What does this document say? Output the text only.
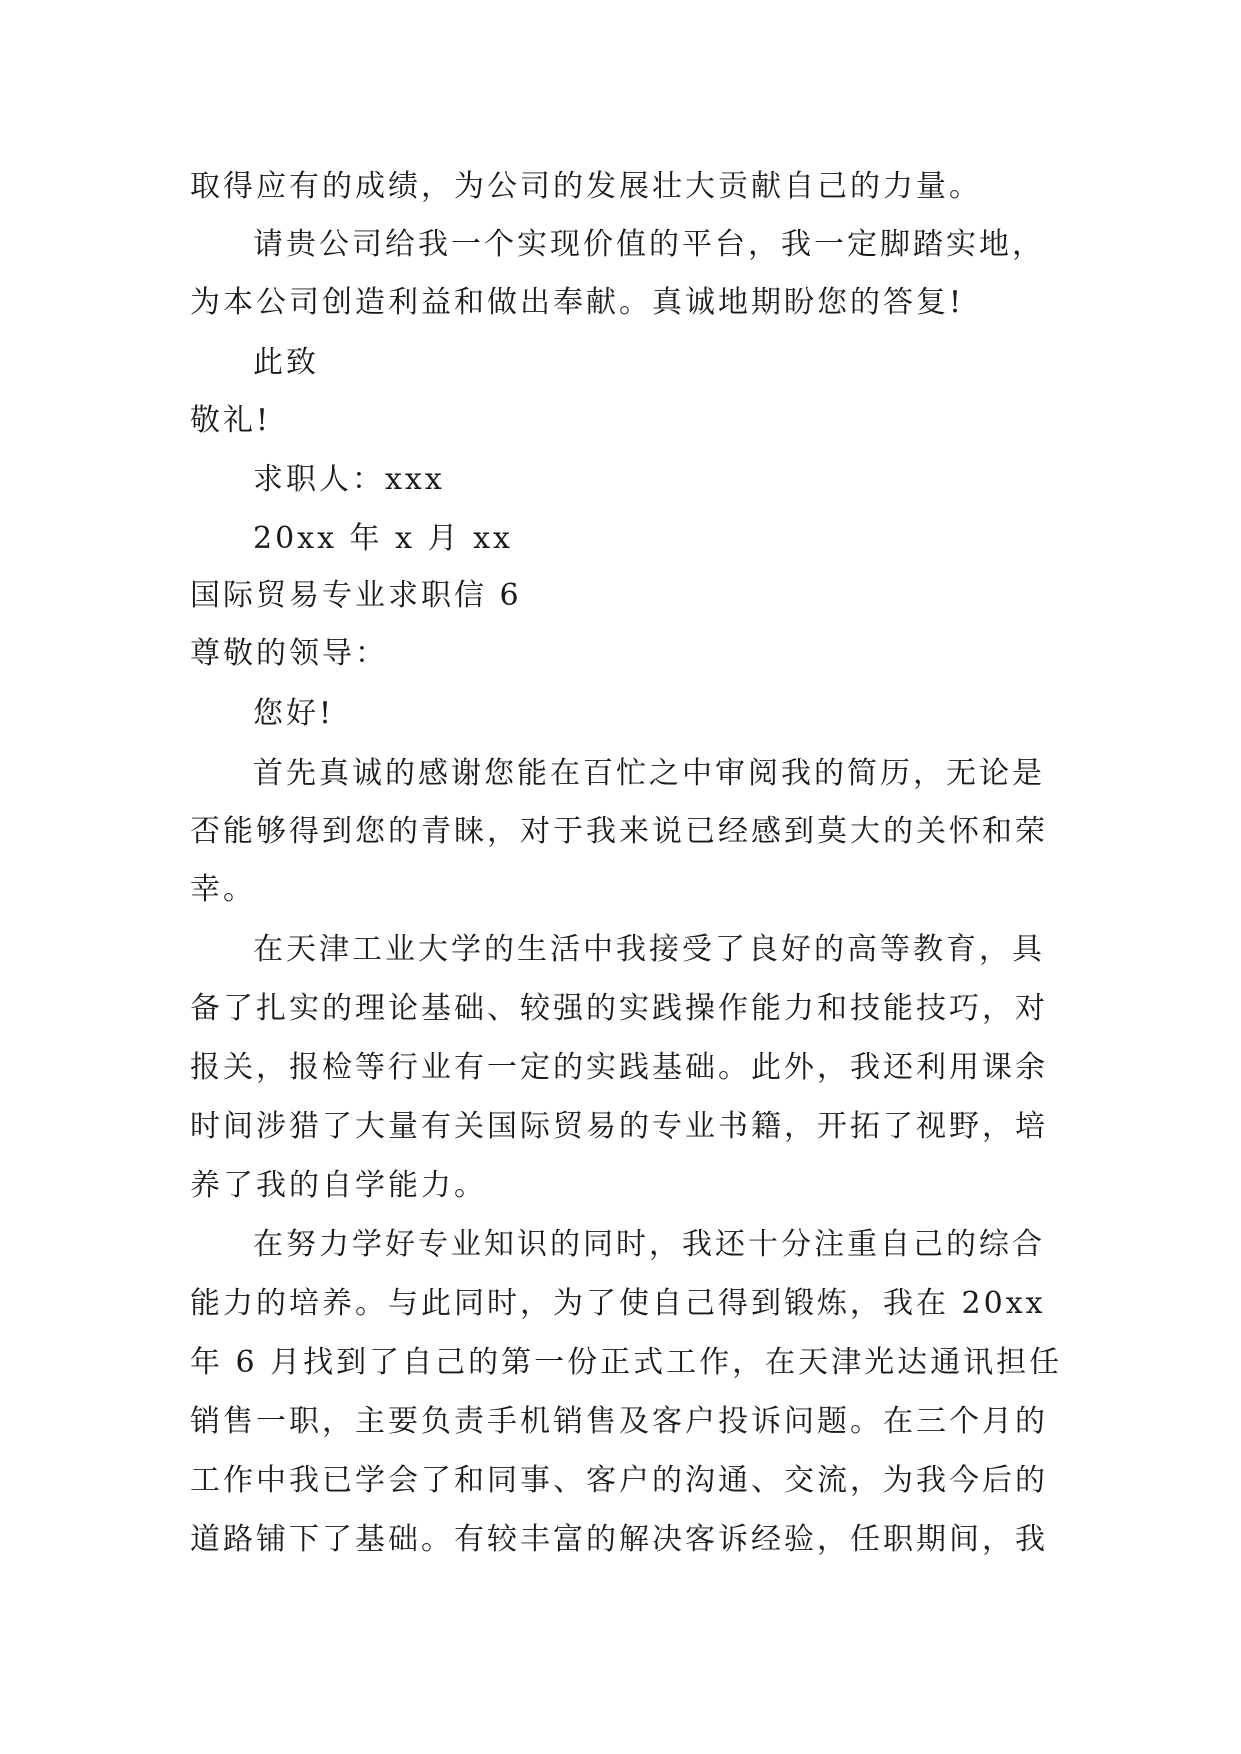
取得应有的成绩，为公司的发展壮大贡献自己的力量。
请贵公司给我一个实现价值的平台，我一定脚踏实地，
为本公司创造利益和做出奉献。真诚地期盼您的答复!
此致
敬礼!
求职人：xxx
20xx 年 x 月 xx
国际贸易专业求职信 6
尊敬的领导：
您好!
首先真诚的感谢您能在百忙之中审阅我的简历，无论是
否能够得到您的青睐，对于我来说已经感到莫大的关怀和荣
幸。
在天津工业大学的生活中我接受了良好的高等教育，具
备了扎实的理论基础、较强的实践操作能力和技能技巧，对
报关，报检等行业有一定的实践基础。此外，我还利用课余
时间涉猎了大量有关国际贸易的专业书籍，开拓了视野，培
养了我的自学能力。
在努力学好专业知识的同时，我还十分注重自己的综合
能力的培养。与此同时，为了使自己得到锻炼，我在 20xx
年 6 月找到了自己的第一份正式工作，在天津光达通讯担任
销售一职，主要负责手机销售及客户投诉问题。在三个月的
工作中我已学会了和同事、客户的沟通、交流，为我今后的
道路铺下了基础。有较丰富的解决客诉经验，任职期间，我
